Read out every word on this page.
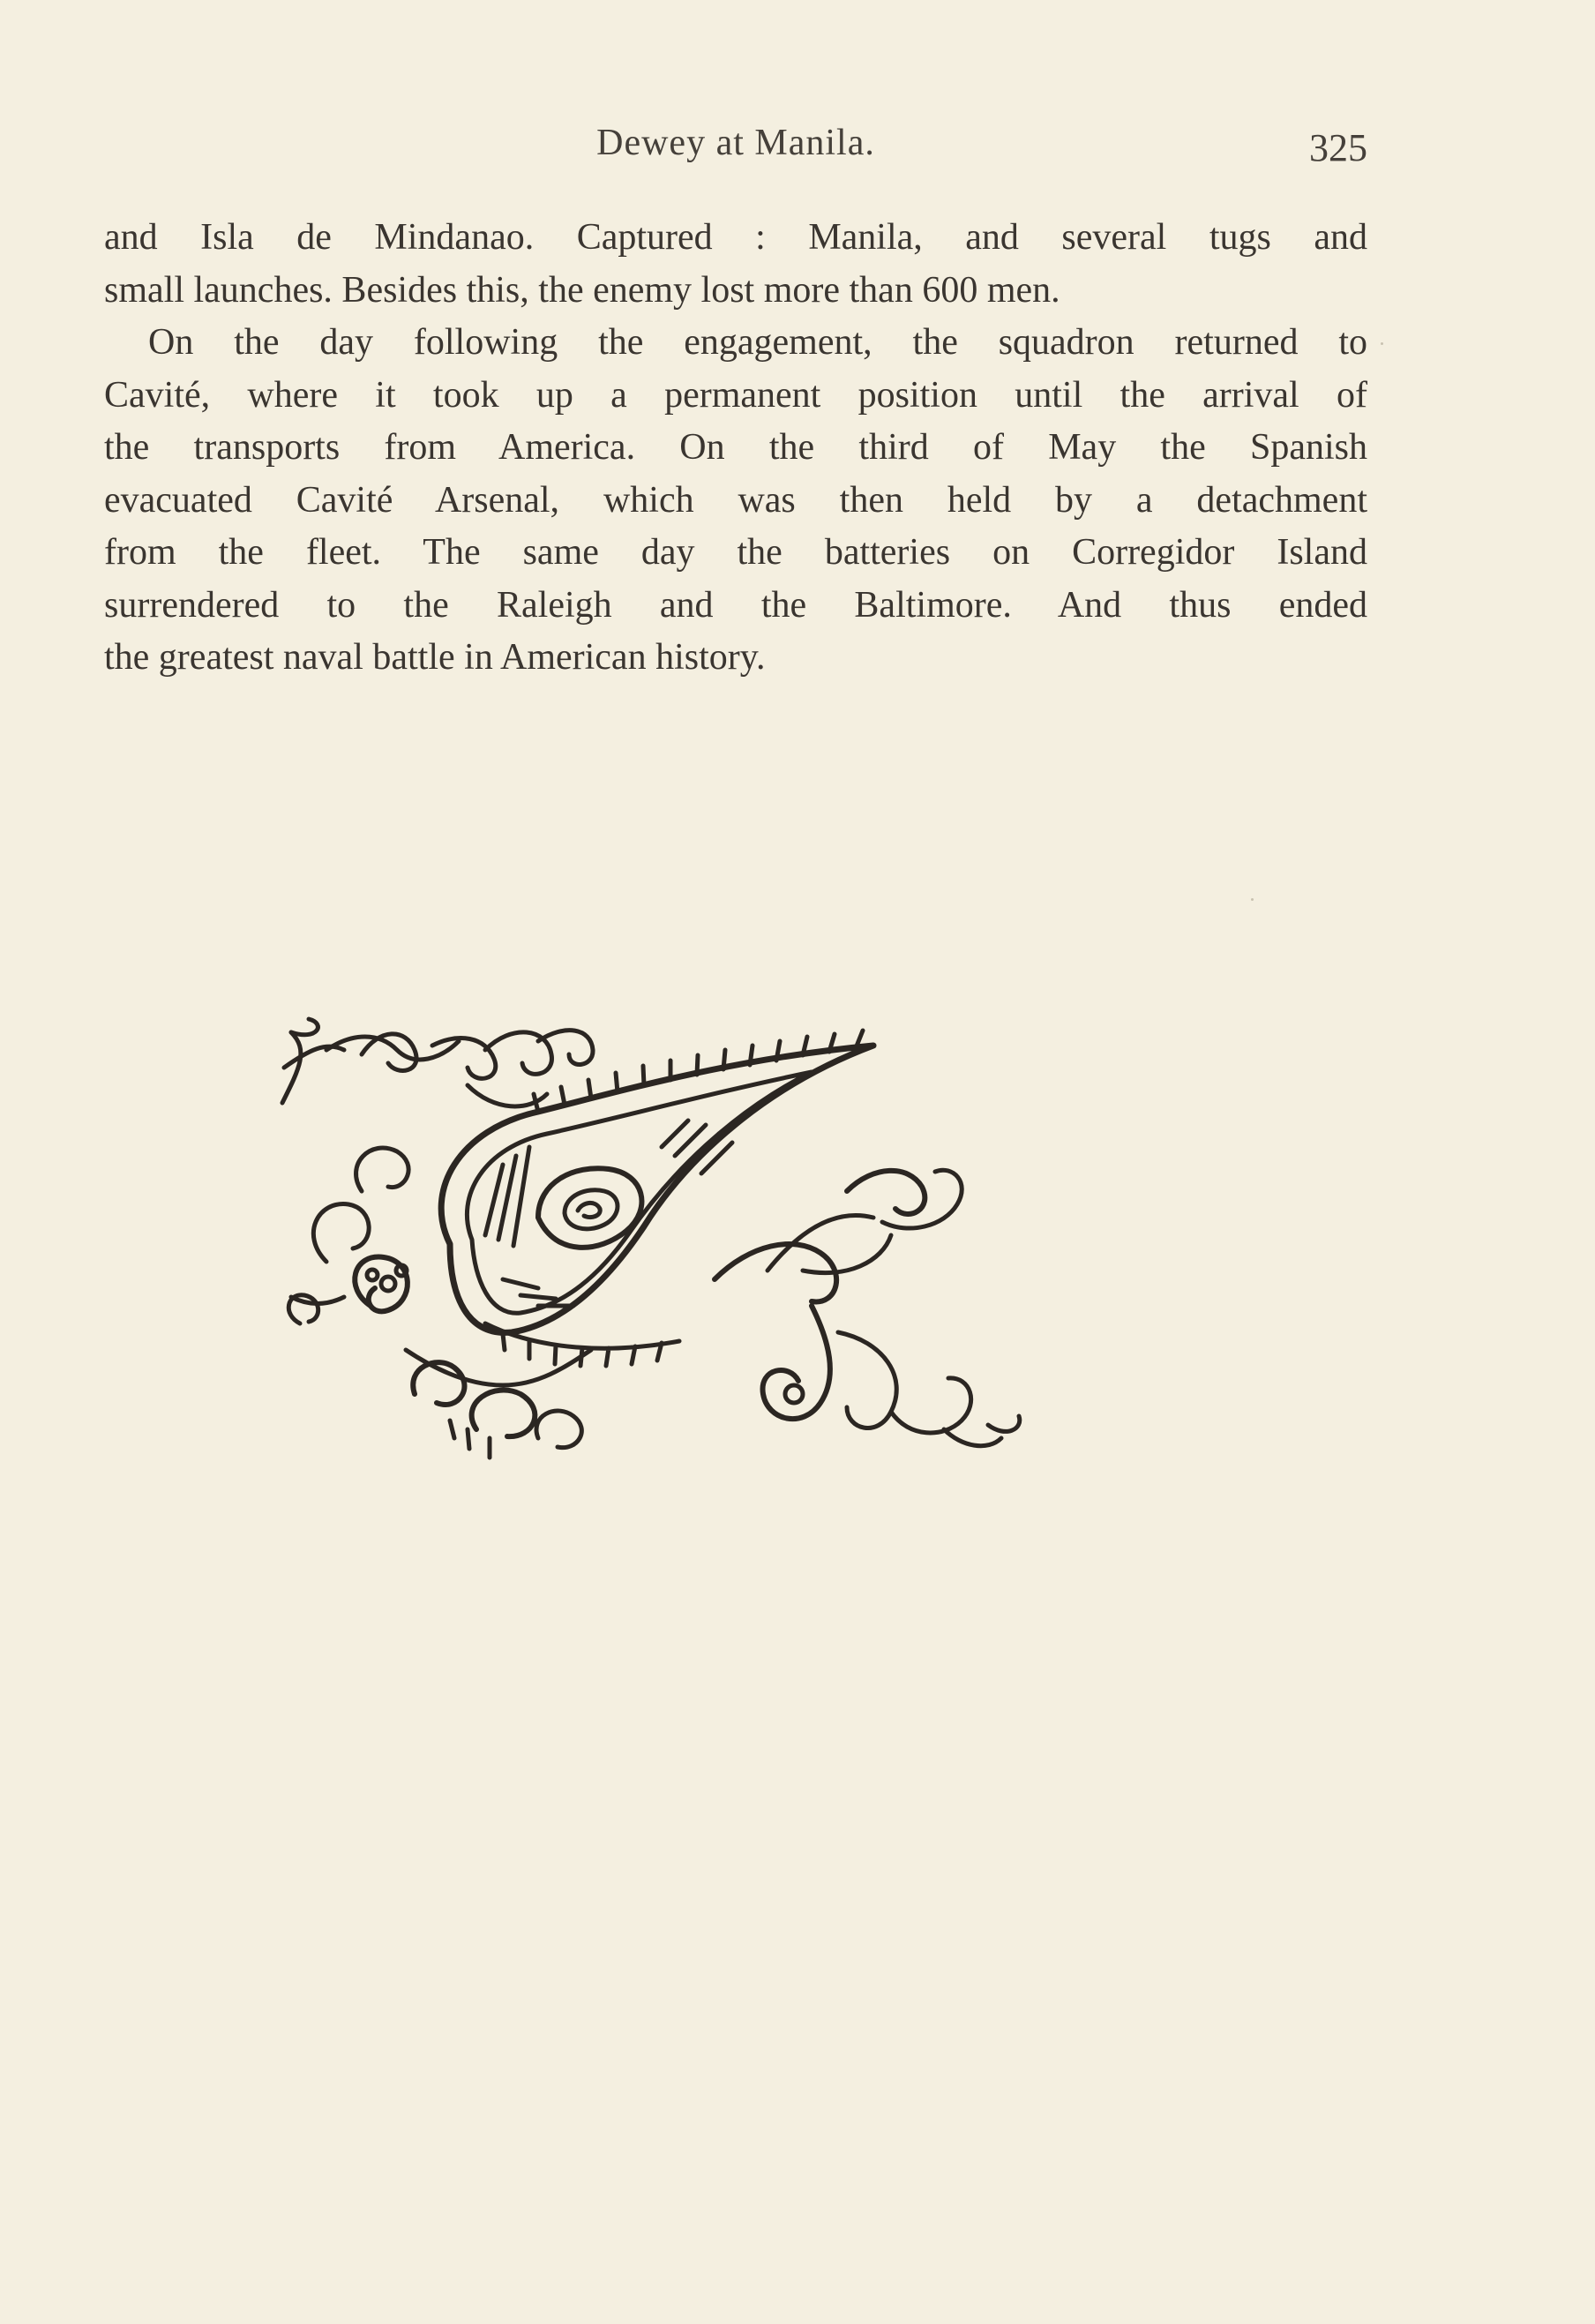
Dewey at Manila.	325
and Isla de Mindanao. Captured : Manila, and several tugs and
small launches. Besides this, the enemy lost more than 600 men.
On the day following the engagement, the squadron returned to
Cavité, where it took up a permanent position until the arrival of
the transports from America. On the third of May the Spanish
evacuated Cavité Arsenal, which was then held by a detachment
from the fleet. The same day the batteries on Corregidor Island
surrendered to the Raleigh and the Baltimore. And thus ended
the greatest naval battle in American history.
